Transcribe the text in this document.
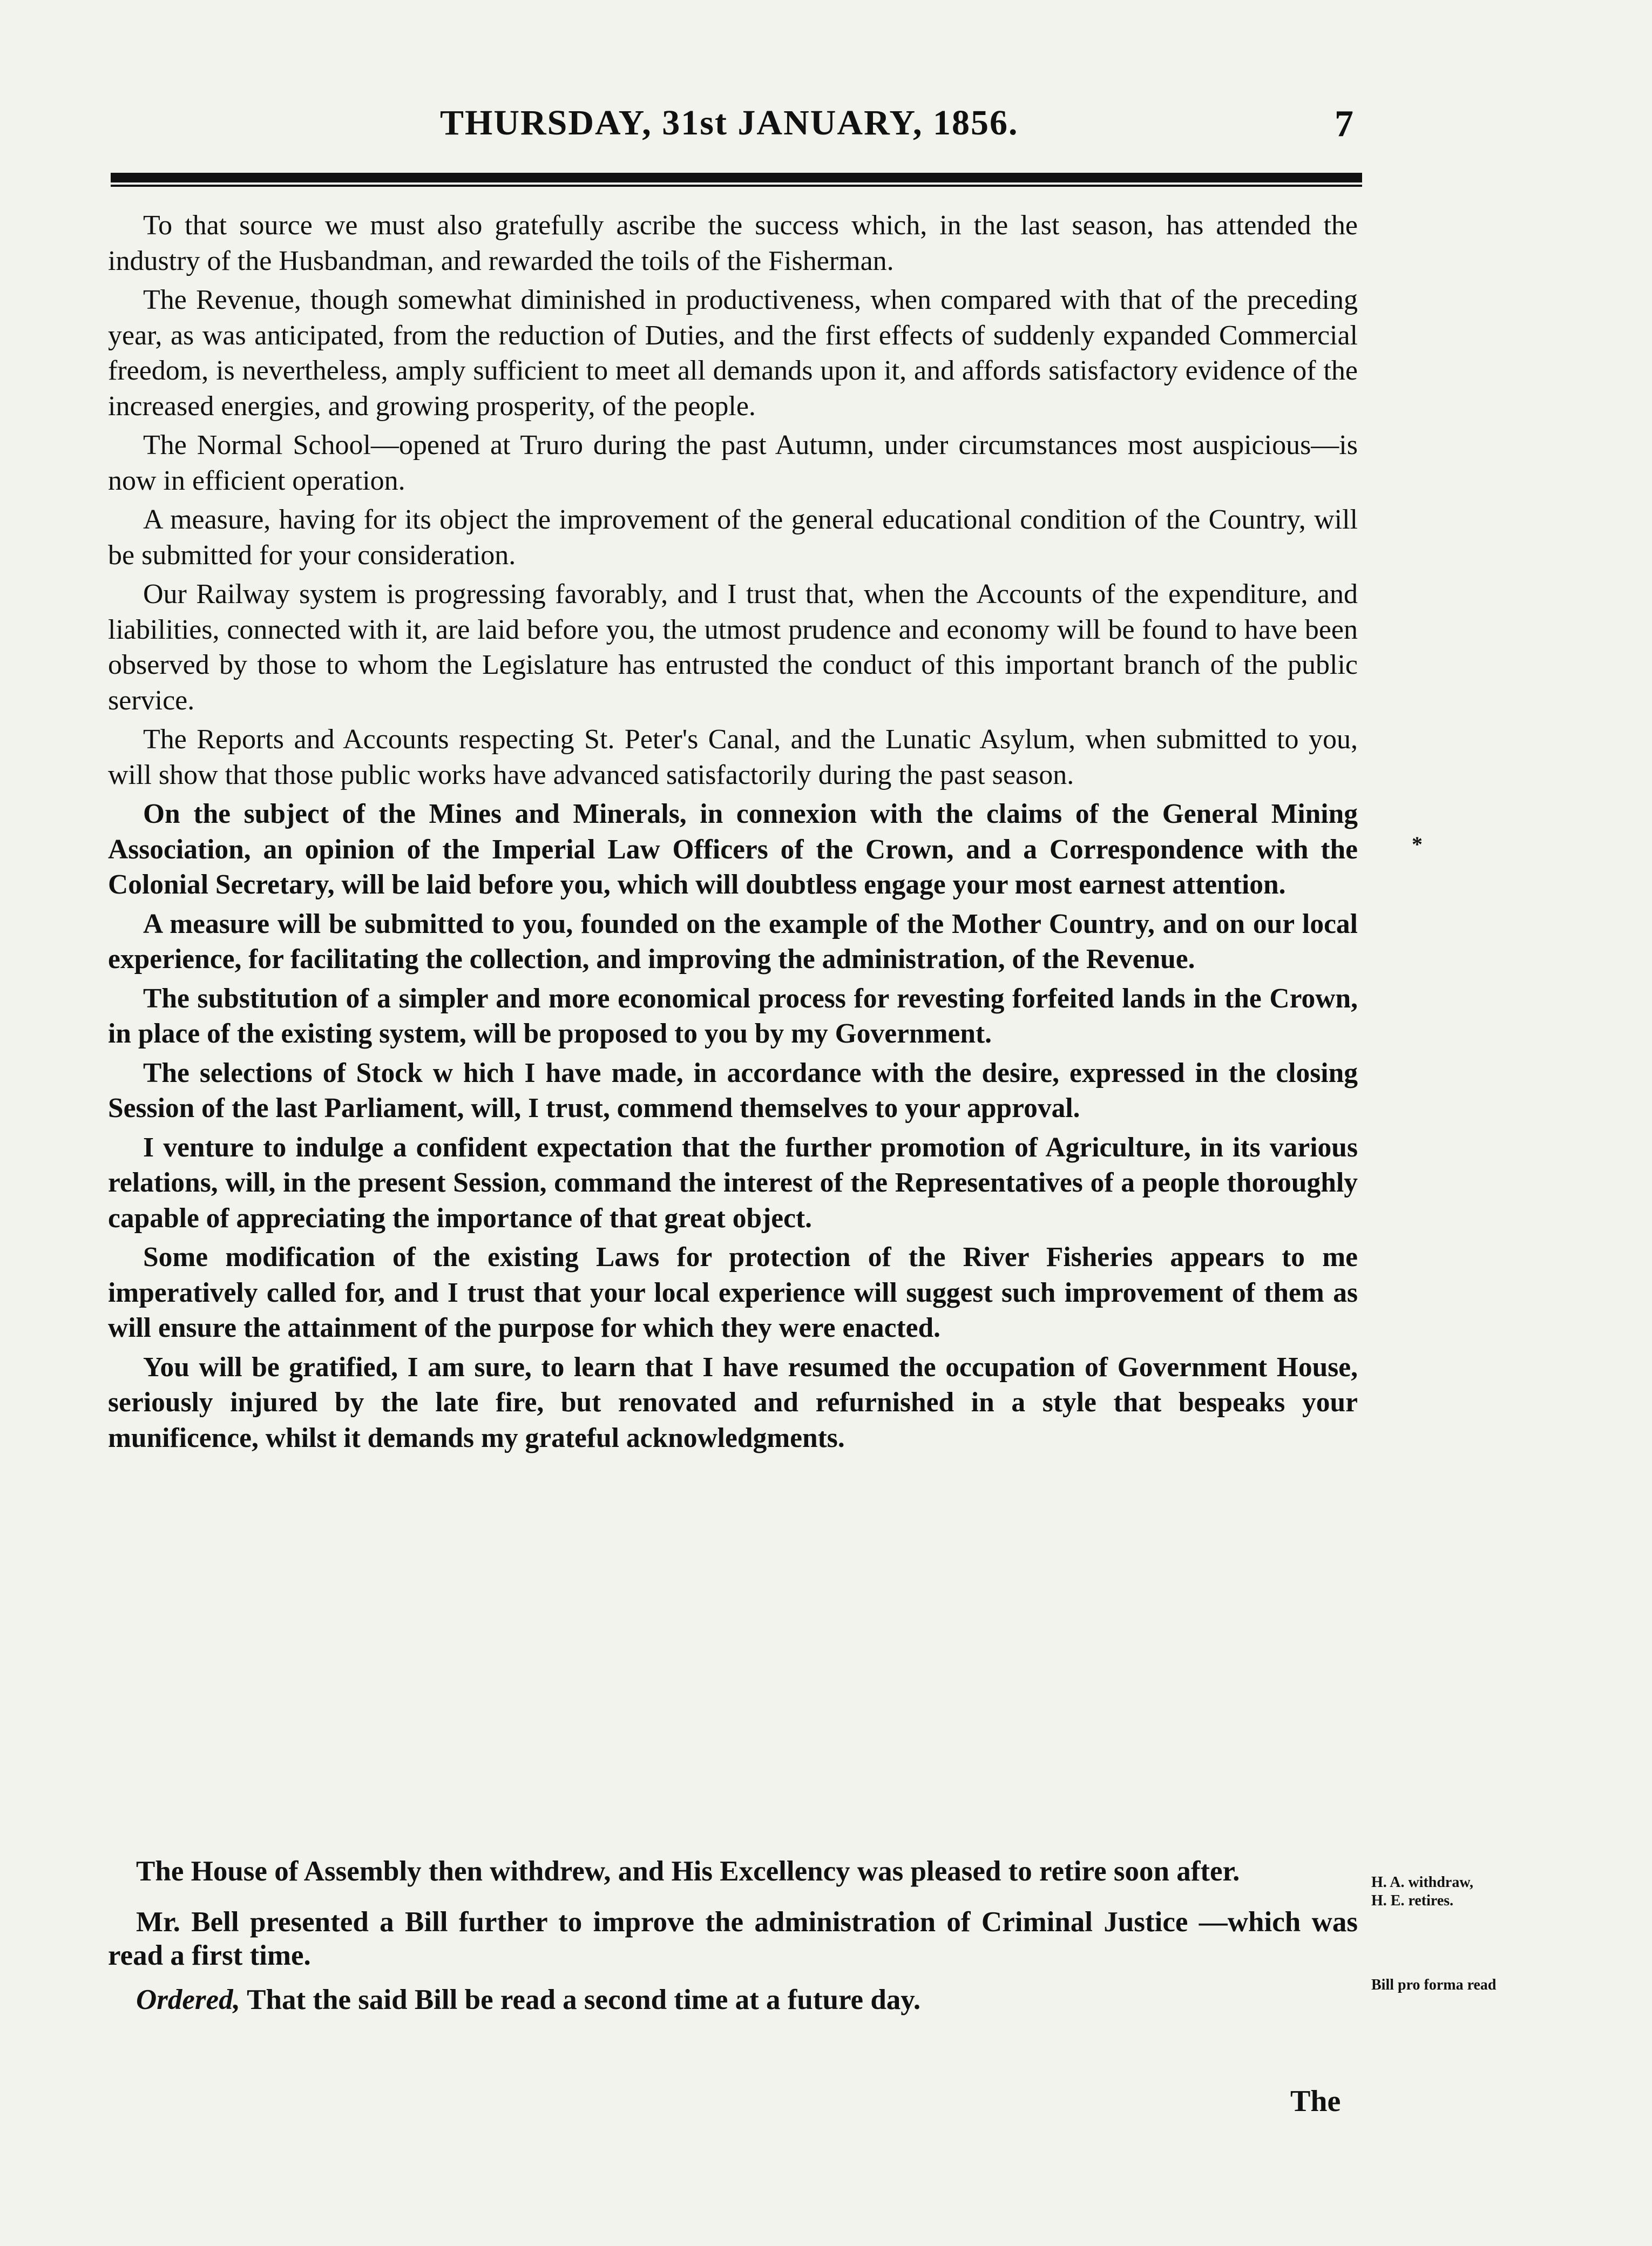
THURSDAY, 31st JANUARY, 1856.	7

To that source we must also gratefully ascribe the success which, in the last season, has attended the industry of the Husbandman, and rewarded the toils of the Fisherman.

The Revenue, though somewhat diminished in productiveness, when compared with that of the preceding year, as was anticipated, from the reduction of Duties, and the first effects of suddenly expanded Commercial freedom, is nevertheless, amply sufficient to meet all demands upon it, and affords satisfactory evidence of the increased energies, and growing prosperity, of the people.

The Normal School—opened at Truro during the past Autumn, under circumstances most auspicious—is now in efficient operation.

A measure, having for its object the improvement of the general educational condition of the Country, will be submitted for your consideration.

Our Railway system is progressing favorably, and I trust that, when the Accounts of the expenditure, and liabilities, connected with it, are laid before you, the utmost prudence and economy will be found to have been observed by those to whom the Legislature has entrusted the conduct of this important branch of the public service.

The Reports and Accounts respecting St. Peter's Canal, and the Lunatic Asylum, when submitted to you, will show that those public works have advanced satisfactorily during the past season.

On the subject of the Mines and Minerals, in connexion with the claims of the General Mining Association, an opinion of the Imperial Law Officers of the Crown, and a Correspondence with the Colonial Secretary, will be laid before you, which will doubtless engage your most earnest attention.

A measure will be submitted to you, founded on the example of the Mother Country, and on our local experience, for facilitating the collection, and improving the administration, of the Revenue.

The substitution of a simpler and more economical process for revesting forfeited lands in the Crown, in place of the existing system, will be proposed to you by my Government.

The selections of Stock w hich I have made, in accordance with the desire, expressed in the closing Session of the last Parliament, will, I trust, commend themselves to your approval.

I venture to indulge a confident expectation that the further promotion of Agriculture, in its various relations, will, in the present Session, command the interest of the Representatives of a people thoroughly capable of appreciating the importance of that great object.

Some modification of the existing Laws for protection of the River Fisheries appears to me imperatively called for, and I trust that your local experience will suggest such improvement of them as will ensure the attainment of the purpose for which they were enacted.

You will be gratified, I am sure, to learn that I have resumed the occupation of Government House, seriously injured by the late fire, but renovated and refurnished in a style that bespeaks your munificence, whilst it demands my grateful acknowledgments.

The House of Assembly then withdrew, and His Excellency was pleased to retire soon after.

Mr. Bell presented a Bill further to improve the administration of Criminal Justice —which was read a first time.

Ordered, That the said Bill be read a second time at a future day.

H. A. withdraw,
H. E. retires.
Bill pro forma read
*
The
